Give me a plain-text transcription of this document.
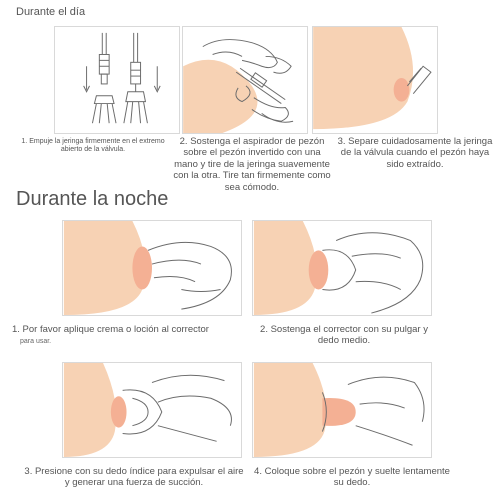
Durante el día
1. Empuje la jeringa firmemente en el extremo abierto de la válvula.
2. Sostenga el aspirador de pezón sobre el pezón invertido con una mano y tire de la jeringa suavemente con la otra. Tire tan firmemente como sea cómodo.
3. Separe cuidadosamente la jeringa de la válvula cuando el pezón haya sido extraído.
Durante la noche
1. Por favor aplique crema o loción al corrector
para usar.
2. Sostenga el corrector con su pulgar y dedo medio.
3. Presione con su dedo índice para expulsar el aire y generar una fuerza de succión.
4. Coloque sobre el pezón y suelte lentamente su dedo.
